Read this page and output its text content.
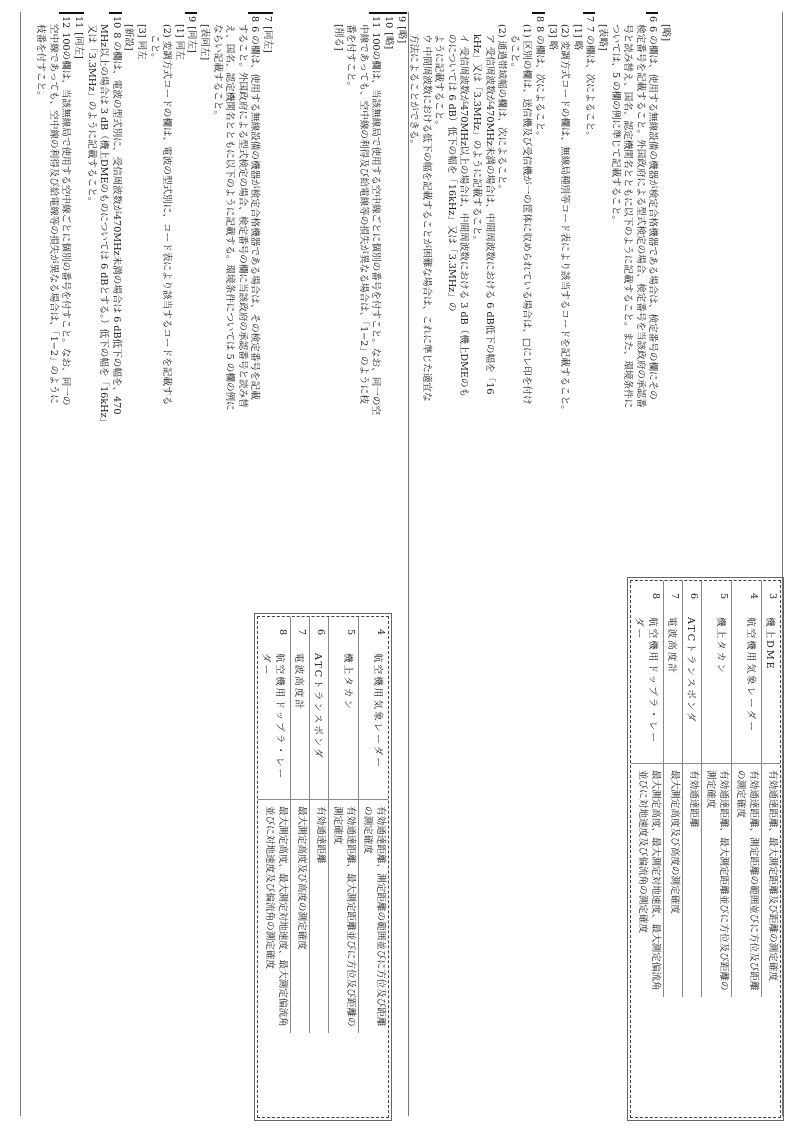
3	機上DME	有効通達距離、最大測定距離及び距離の測定確度
4	航空機用気象レーダー	有効通達距離、測定距離の範囲並びに方位及び距離
の測定確度
5	機上タカン	有効通達距離、最大測定距離並びに方位及び距離の
測定確度
6	ATCトランスポンダ	有効通達距離
7	電波高度計	最大測定高度及び高度の測定確度
8	航空機用ドップラ・レー
ダー	最大測定高度、最大測定対地速度、最大測定偏流角
並びに対地速度及び偏流角の測定確度

[略]

66 の欄は、使用する無線設備の機器が検定合格機器である場合は、検定番号の欄にその

検定番号を記載すること。外国政府による型式検定の場合、検定番号を当該政府の承認番

号と読み替え、国名、認定機関名とともに以下のように記載すること。また、環境条件に

ついては、5 の欄の例に準じて記載すること。

[表略]

77 の欄は、次によること。

[1] 略

(2) 変調方式コードの欄は、無線局種別等コード表により該当するコードを記載すること。

[3] 略

88 の欄は、次によること。

(1) 区別の欄は、送信機及び受信機が一の筐体に収められている場合は、□にレ印を付け

ること。

(2) 通過帯域幅の欄は、次によること。

ア 受信周波数が470MHz未満の場合は、中間周波数における 6 dB低下の幅を「16

kHz」又は「3.3MHz」のように記載すること。

イ 受信周波数が470MHz以上の場合は、中間周波数における 3 dB（機上DMEのも

のについては 6 dB）低下の幅を「16kHz」又は「3.3MHz」の

ように記載すること。

ウ 中間周波数における低下の幅を記載することが困難な場合は、これに準じた適宜な

方法によることができる。

9[略]

10[略]

11100の欄は、当該無線局で使用する空中線ごとに個別の番号を付すこと。なお、同一の空

中線であっても、空中線の利得及び給電線等の損失が異なる場合は、「1−2」のように枝

番を付すこと。

[削る]

4	航空機用気象レーダー	有効通達距離、測定距離の範囲並びに方位及び距離
の測定確度
5	機上タカン	有効通達距離、最大測定距離並びに方位及び距離の
測定確度
6	ATCトランスポンダ	有効通達距離
7	電波高度計	最大測定高度及び高度の測定確度
8	航空機用ドップラ・レー
ダー	最大測定高度、最大測定対地速度、最大測定偏流角
並びに対地速度及び偏流角の測定確度

7[同左]

86 の欄は、使用する無線設備の機器が検定合格機器である場合は、その検定番号を記載

すること。外国政府による型式検定の場合、検定番号の欄に当該政府の承認番号と読み替

え、国名、認定機関名とともに以下のように記載する。環境条件については 5 の欄の例に

ならい記載すること。

[表同左]

9[同左]

[1] 同左

(2) 変調方式コードの欄は、電波の型式別に、コード表により該当するコードを記載する

こと。

[3] 同左

[新設]

108 の欄は、電波の型式別に、受信周波数が470MHz未満の場合は 6 dB低下の幅を、470

MHz以上の場合は 3 dB（機上DMEのものについては 6 dBとする。）低下の幅を「16kHz」

又は「3.3MHz」のように記載すること。

11[同左]

12100の欄は、当該無線局で使用する空中線ごとに個別の番号を付すこと。なお、同一の

空中線であっても、空中線の利得及び給電線等の損失が異なる場合は、「1−2」のように

枝番を付すこと。
